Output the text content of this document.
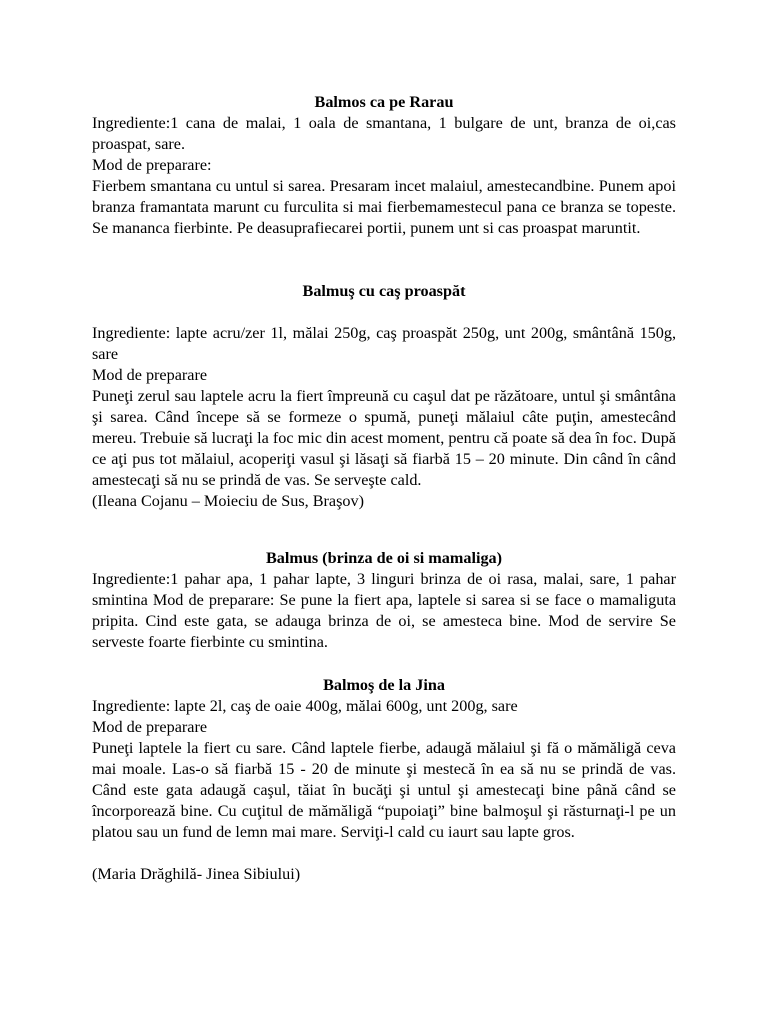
Balmos ca pe Rarau

Ingrediente:1 cana de malai, 1 oala de smantana, 1 bulgare de unt, branza de oi,cas proaspat, sare.

Mod de preparare:

Fierbem smantana cu untul si sarea. Presaram incet malaiul, amestecandbine. Punem apoi branza framantata marunt cu furculita si mai fierbemamestecul pana ce branza se topeste. Se mananca fierbinte. Pe deasuprafiecarei portii, punem unt si cas proaspat maruntit.

Balmuş cu caş proaspăt

Ingrediente: lapte acru/zer 1l, mălai 250g, caş proaspăt 250g, unt 200g, smântână 150g, sare

Mod de preparare

Puneţi zerul sau laptele acru la fiert împreună cu caşul dat pe răzătoare, untul şi smântâna şi sarea. Când începe să se formeze o spumă, puneţi mălaiul câte puţin, amestecând mereu. Trebuie să lucraţi la foc mic din acest moment, pentru că poate să dea în foc. După ce aţi pus tot mălaiul, acoperiţi vasul şi lăsaţi să fiarbă 15 – 20 minute. Din când în când amestecaţi să nu se prindă de vas. Se serveşte cald.

(Ileana Cojanu – Moieciu de Sus, Braşov)

Balmus (brinza de oi si mamaliga)

Ingrediente:1 pahar apa, 1 pahar lapte, 3 linguri brinza de oi rasa, malai, sare, 1 pahar smintina Mod de preparare: Se pune la fiert apa, laptele si sarea si se face o mamaliguta pripita. Cind este gata, se adauga brinza de oi, se amesteca bine. Mod de servire Se serveste foarte fierbinte cu smintina.

Balmoş de la Jina

Ingrediente: lapte 2l, caş de oaie 400g, mălai 600g, unt 200g, sare

Mod de preparare

Puneţi laptele la fiert cu sare. Când laptele fierbe, adaugă mălaiul şi fă o mămăligă ceva mai moale. Las-o să fiarbă 15 - 20 de minute şi mestecă în ea să nu se prindă de vas. Când este gata adaugă caşul, tăiat în bucăţi şi untul şi amestecaţi bine până când se încorporează bine. Cu cuţitul de mămăligă “pupoiaţi” bine balmoşul şi răsturnaţi-l pe un platou sau un fund de lemn mai mare. Serviţi-l cald cu iaurt sau lapte gros.

(Maria Drăghilă- Jinea Sibiului)
